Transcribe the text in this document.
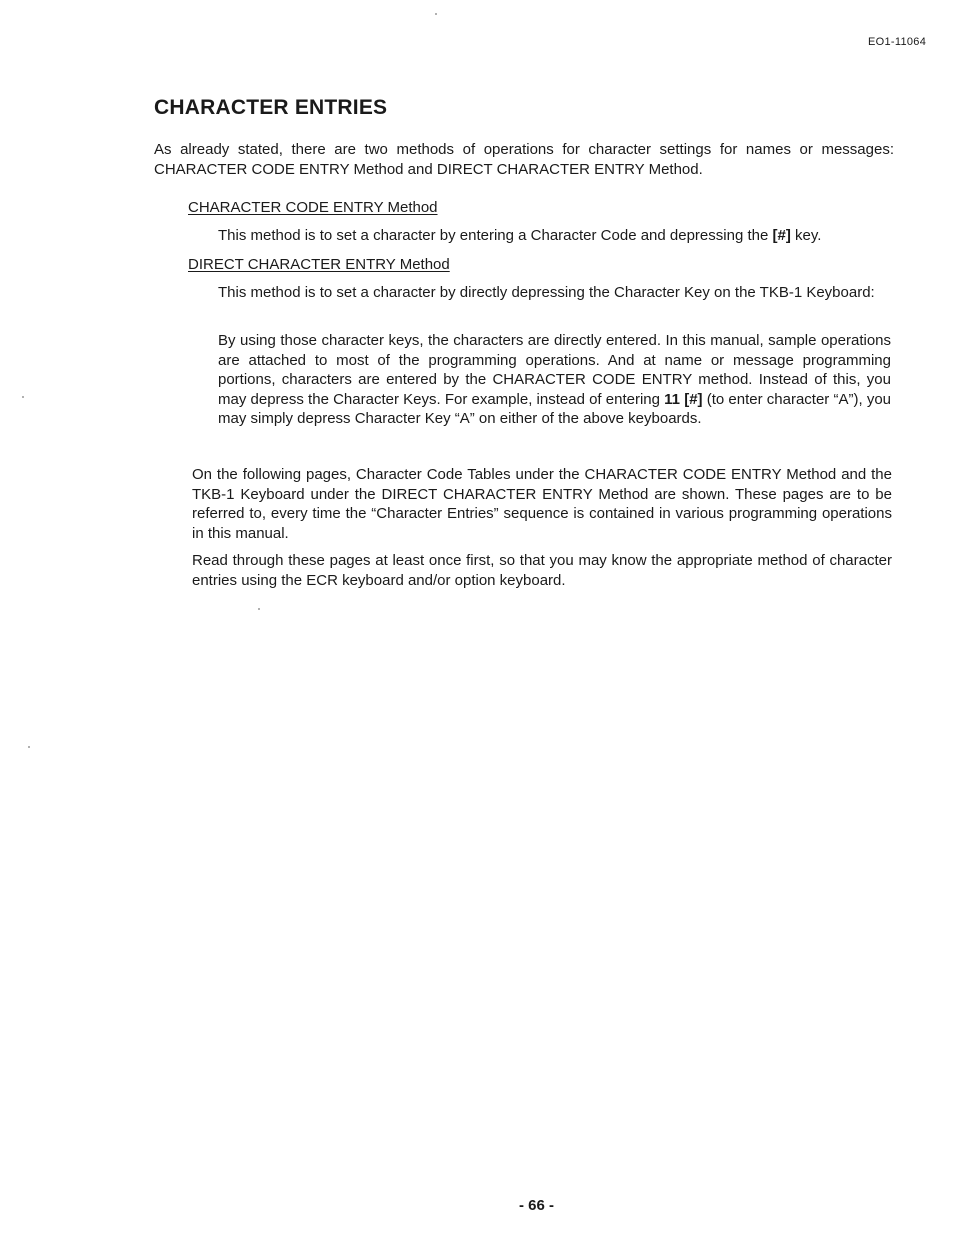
EO1-11064
CHARACTER ENTRIES

As already stated, there are two methods of operations for character settings for names or messages: CHARACTER CODE ENTRY Method and DIRECT CHARACTER ENTRY Method.

CHARACTER CODE ENTRY Method

This method is to set a character by entering a Character Code and depressing the [#] key.

DIRECT CHARACTER ENTRY Method

This method is to set a character by directly depressing the Character Key on the TKB-1 Keyboard:

By using those character keys, the characters are directly entered. In this manual, sample operations are attached to most of the programming operations. And at name or message programming portions, characters are entered by the CHARACTER CODE ENTRY method. Instead of this, you may depress the Character Keys. For example, instead of entering 11 [#] (to enter character “A”), you may simply depress Character Key “A” on either of the above keyboards.

On the following pages, Character Code Tables under the CHARACTER CODE ENTRY Method and the TKB-1 Keyboard under the DIRECT CHARACTER ENTRY Method are shown. These pages are to be referred to, every time the “Character Entries” sequence is contained in various programming operations in this manual.

Read through these pages at least once first, so that you may know the appropriate method of character entries using the ECR keyboard and/or option keyboard.

- 66 -
